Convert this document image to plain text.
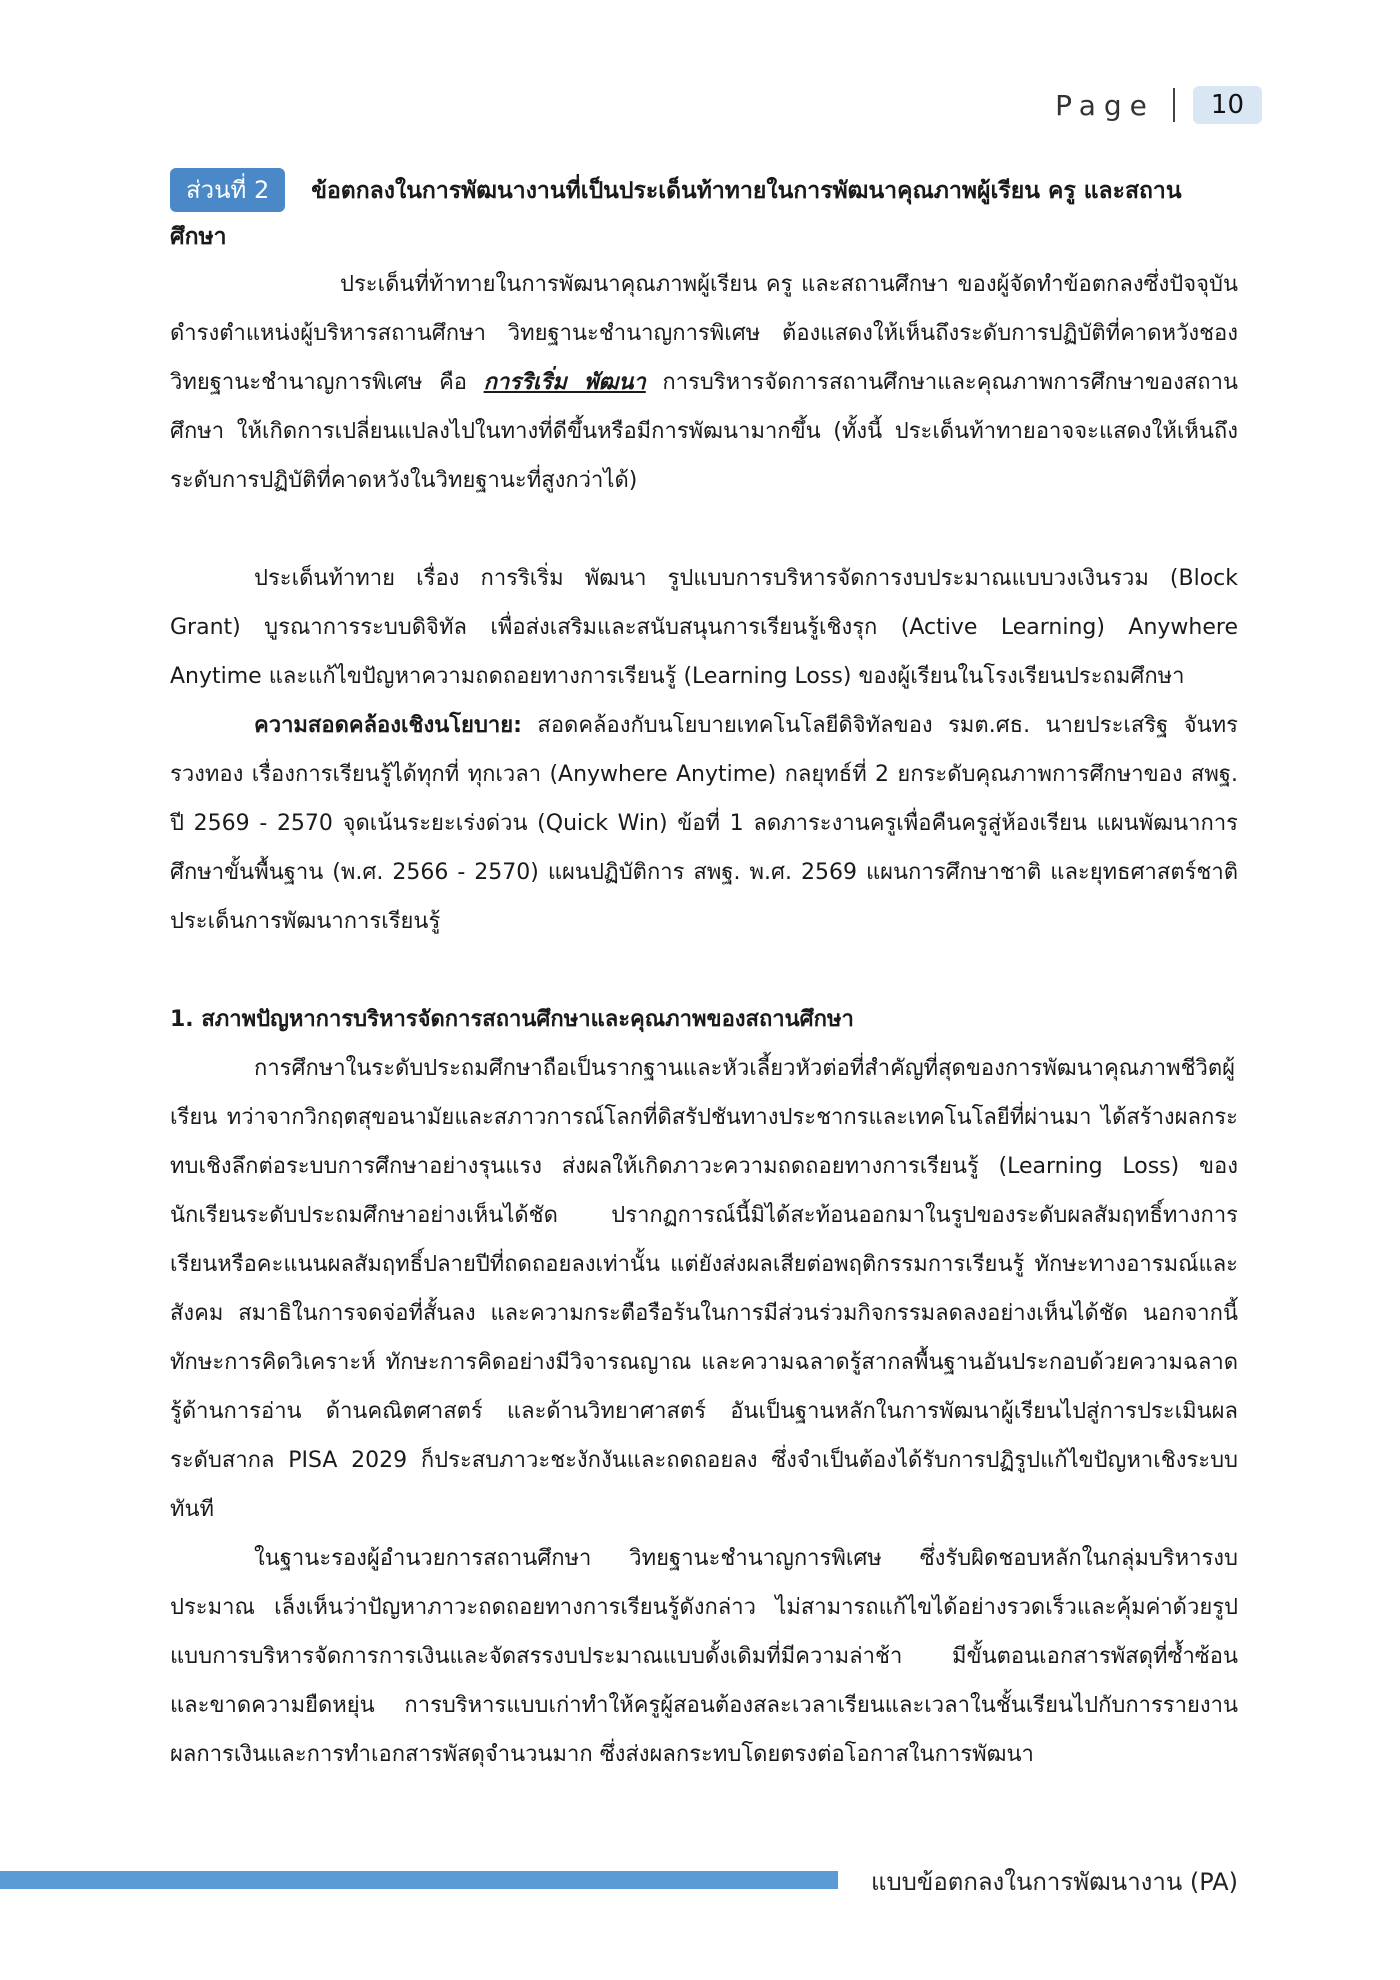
Page	10
ส่วนที่ 2 ข้อตกลงในการพัฒนางานที่เป็นประเด็นท้าทายในการพัฒนาคุณภาพผู้เรียน ครู และสถานศึกษา

ประเด็นที่ท้าทายในการพัฒนาคุณภาพผู้เรียน ครู และสถานศึกษา ของผู้จัดทำข้อตกลงซึ่งปัจจุบันดำรงตำแหน่งผู้บริหารสถานศึกษา วิทยฐานะชำนาญการพิเศษ ต้องแสดงให้เห็นถึงระดับการปฏิบัติที่คาดหวังชองวิทยฐานะชำนาญการพิเศษ คือ การริเริ่ม พัฒนา การบริหารจัดการสถานศึกษาและคุณภาพการศึกษาของสถานศึกษา ให้เกิดการเปลี่ยนแปลงไปในทางที่ดีขึ้นหรือมีการพัฒนามากขึ้น (ทั้งนี้ ประเด็นท้าทายอาจจะแสดงให้เห็นถึงระดับการปฏิบัติที่คาดหวังในวิทยฐานะที่สูงกว่าได้)

ประเด็นท้าทาย เรื่อง การริเริ่ม พัฒนา รูปแบบการบริหารจัดการงบประมาณแบบวงเงินรวม (Block Grant) บูรณาการระบบดิจิทัล เพื่อส่งเสริมและสนับสนุนการเรียนรู้เชิงรุก (Active Learning) Anywhere Anytime และแก้ไขปัญหาความถดถอยทางการเรียนรู้ (Learning Loss) ของผู้เรียนในโรงเรียนประถมศึกษา

ความสอดคล้องเชิงนโยบาย: สอดคล้องกับนโยบายเทคโนโลยีดิจิทัลของ รมต.ศธ. นายประเสริฐ จันทรรวงทอง เรื่องการเรียนรู้ได้ทุกที่ ทุกเวลา (Anywhere Anytime) กลยุทธ์ที่ 2 ยกระดับคุณภาพการศึกษาของ สพฐ. ปี 2569 - 2570 จุดเน้นระยะเร่งด่วน (Quick Win) ข้อที่ 1 ลดภาระงานครูเพื่อคืนครูสู่ห้องเรียน แผนพัฒนาการศึกษาขั้นพื้นฐาน (พ.ศ. 2566 - 2570) แผนปฏิบัติการ สพฐ. พ.ศ. 2569 แผนการศึกษาชาติ และยุทธศาสตร์ชาติประเด็นการพัฒนาการเรียนรู้

1. สภาพปัญหาการบริหารจัดการสถานศึกษาและคุณภาพของสถานศึกษา

การศึกษาในระดับประถมศึกษาถือเป็นรากฐานและหัวเลี้ยวหัวต่อที่สำคัญที่สุดของการพัฒนาคุณภาพชีวิตผู้เรียน ทว่าจากวิกฤตสุขอนามัยและสภาวการณ์โลกที่ดิสรัปชันทางประชากรและเทคโนโลยีที่ผ่านมา ได้สร้างผลกระทบเชิงลึกต่อระบบการศึกษาอย่างรุนแรง ส่งผลให้เกิดภาวะความถดถอยทางการเรียนรู้ (Learning Loss) ของนักเรียนระดับประถมศึกษาอย่างเห็นได้ชัด ปรากฏการณ์นี้มิได้สะท้อนออกมาในรูปของระดับผลสัมฤทธิ์ทางการเรียนหรือคะแนนผลสัมฤทธิ์ปลายปีที่ถดถอยลงเท่านั้น แต่ยังส่งผลเสียต่อพฤติกรรมการเรียนรู้ ทักษะทางอารมณ์และสังคม สมาธิในการจดจ่อที่สั้นลง และความกระตือรือร้นในการมีส่วนร่วมกิจกรรมลดลงอย่างเห็นได้ชัด นอกจากนี้ ทักษะการคิดวิเคราะห์ ทักษะการคิดอย่างมีวิจารณญาณ และความฉลาดรู้สากลพื้นฐานอันประกอบด้วยความฉลาดรู้ด้านการอ่าน ด้านคณิตศาสตร์ และด้านวิทยาศาสตร์ อันเป็นฐานหลักในการพัฒนาผู้เรียนไปสู่การประเมินผลระดับสากล PISA 2029 ก็ประสบภาวะชะงักงันและถดถอยลง ซึ่งจำเป็นต้องได้รับการปฏิรูปแก้ไขปัญหาเชิงระบบทันที

ในฐานะรองผู้อำนวยการสถานศึกษา วิทยฐานะชำนาญการพิเศษ ซึ่งรับผิดชอบหลักในกลุ่มบริหารงบประมาณ เล็งเห็นว่าปัญหาภาวะถดถอยทางการเรียนรู้ดังกล่าว ไม่สามารถแก้ไขได้อย่างรวดเร็วและคุ้มค่าด้วยรูปแบบการบริหารจัดการการเงินและจัดสรรงบประมาณแบบดั้งเดิมที่มีความล่าช้า มีขั้นตอนเอกสารพัสดุที่ซ้ำซ้อน และขาดความยืดหยุ่น การบริหารแบบเก่าทำให้ครูผู้สอนต้องสละเวลาเรียนและเวลาในชั้นเรียนไปกับการรายงานผลการเงินและการทำเอกสารพัสดุจำนวนมาก ซึ่งส่งผลกระทบโดยตรงต่อโอกาสในการพัฒนา

แบบข้อตกลงในการพัฒนางาน (PA)
